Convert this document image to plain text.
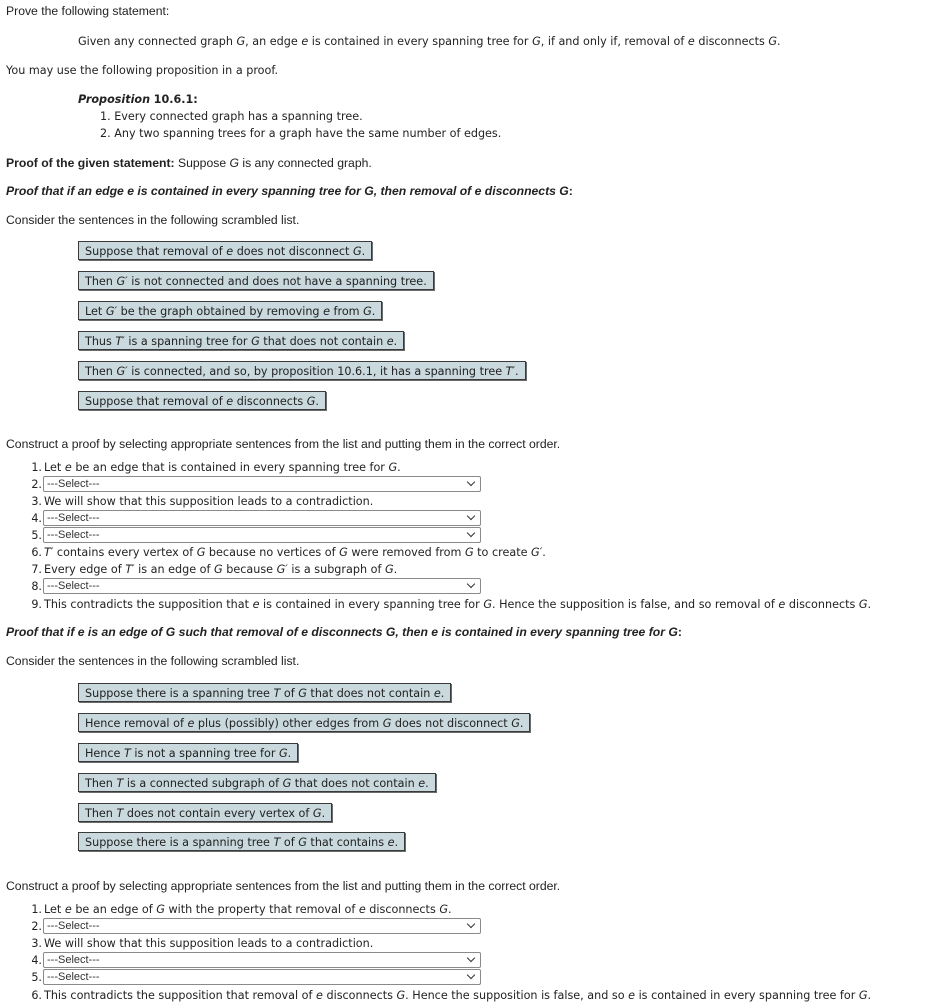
Prove the following statement:
Given any connected graph G, an edge e is contained in every spanning tree for G, if and only if, removal of e disconnects G.
You may use the following proposition in a proof.
Proposition 10.6.1:
1. Every connected graph has a spanning tree.
2. Any two spanning trees for a graph have the same number of edges.
Proof of the given statement: Suppose G is any connected graph.
Proof that if an edge e is contained in every spanning tree for G, then removal of e disconnects G:
Consider the sentences in the following scrambled list.
Suppose that removal of e does not disconnect G.
Then G′ is not connected and does not have a spanning tree.
Let G′ be the graph obtained by removing e from G.
Thus T′ is a spanning tree for G that does not contain e.
Then G′ is connected, and so, by proposition 10.6.1, it has a spanning tree T′.
Suppose that removal of e disconnects G.
Construct a proof by selecting appropriate sentences from the list and putting them in the correct order.
1. Let e be an edge that is contained in every spanning tree for G.
2. ---Select---
3. We will show that this supposition leads to a contradiction.
4. ---Select---
5. ---Select---
6. T′ contains every vertex of G because no vertices of G were removed from G to create G′.
7. Every edge of T′ is an edge of G because G′ is a subgraph of G.
8. ---Select---
9. This contradicts the supposition that e is contained in every spanning tree for G. Hence the supposition is false, and so removal of e disconnects G.
Proof that if e is an edge of G such that removal of e disconnects G, then e is contained in every spanning tree for G:
Consider the sentences in the following scrambled list.
Suppose there is a spanning tree T of G that does not contain e.
Hence removal of e plus (possibly) other edges from G does not disconnect G.
Hence T is not a spanning tree for G.
Then T is a connected subgraph of G that does not contain e.
Then T does not contain every vertex of G.
Suppose there is a spanning tree T of G that contains e.
Construct a proof by selecting appropriate sentences from the list and putting them in the correct order.
1. Let e be an edge of G with the property that removal of e disconnects G.
2. ---Select---
3. We will show that this supposition leads to a contradiction.
4. ---Select---
5. ---Select---
6. This contradicts the supposition that removal of e disconnects G. Hence the supposition is false, and so e is contained in every spanning tree for G.
